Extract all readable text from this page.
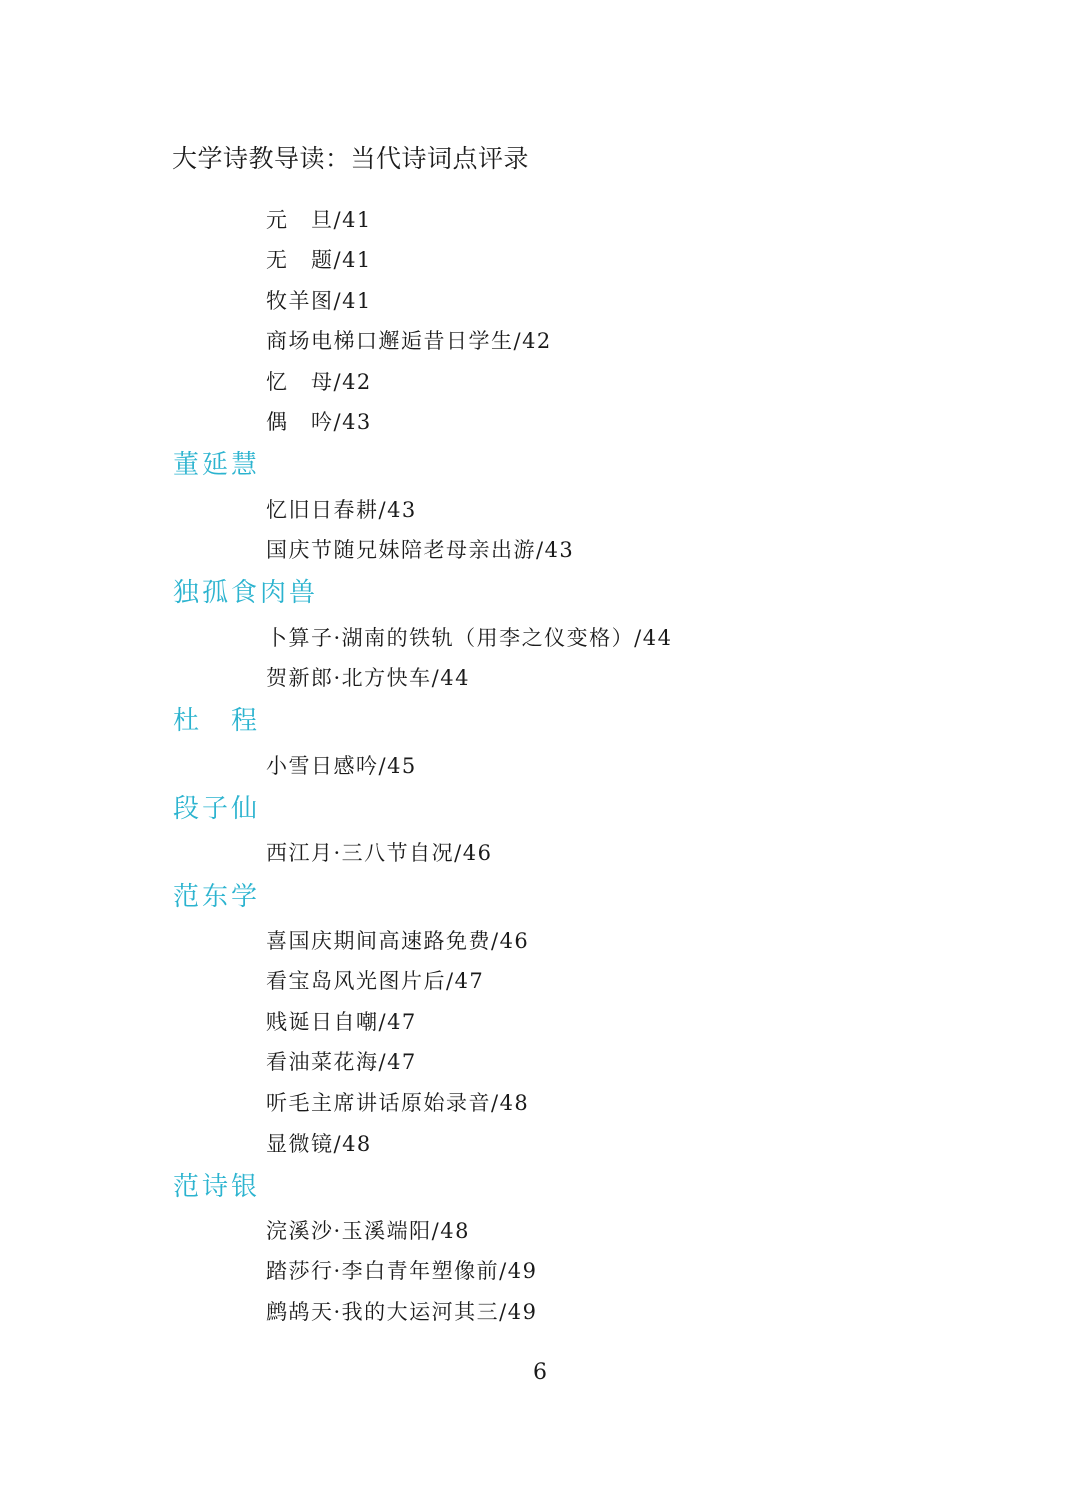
大学诗教导读：当代诗词点评录
元　旦/41
无　题/41
牧羊图/41
商场电梯口邂逅昔日学生/42
忆　母/42
偶　吟/43
董延慧
忆旧日春耕/43
国庆节随兄妹陪老母亲出游/43
独孤食肉兽
卜算子·湖南的铁轨（用李之仪变格）/44
贺新郎·北方快车/44
杜　程
小雪日感吟/45
段子仙
西江月·三八节自况/46
范东学
喜国庆期间高速路免费/46
看宝岛风光图片后/47
贱诞日自嘲/47
看油菜花海/47
听毛主席讲话原始录音/48
显微镜/48
范诗银
浣溪沙·玉溪端阳/48
踏莎行·李白青年塑像前/49
鹧鸪天·我的大运河其三/49
6
